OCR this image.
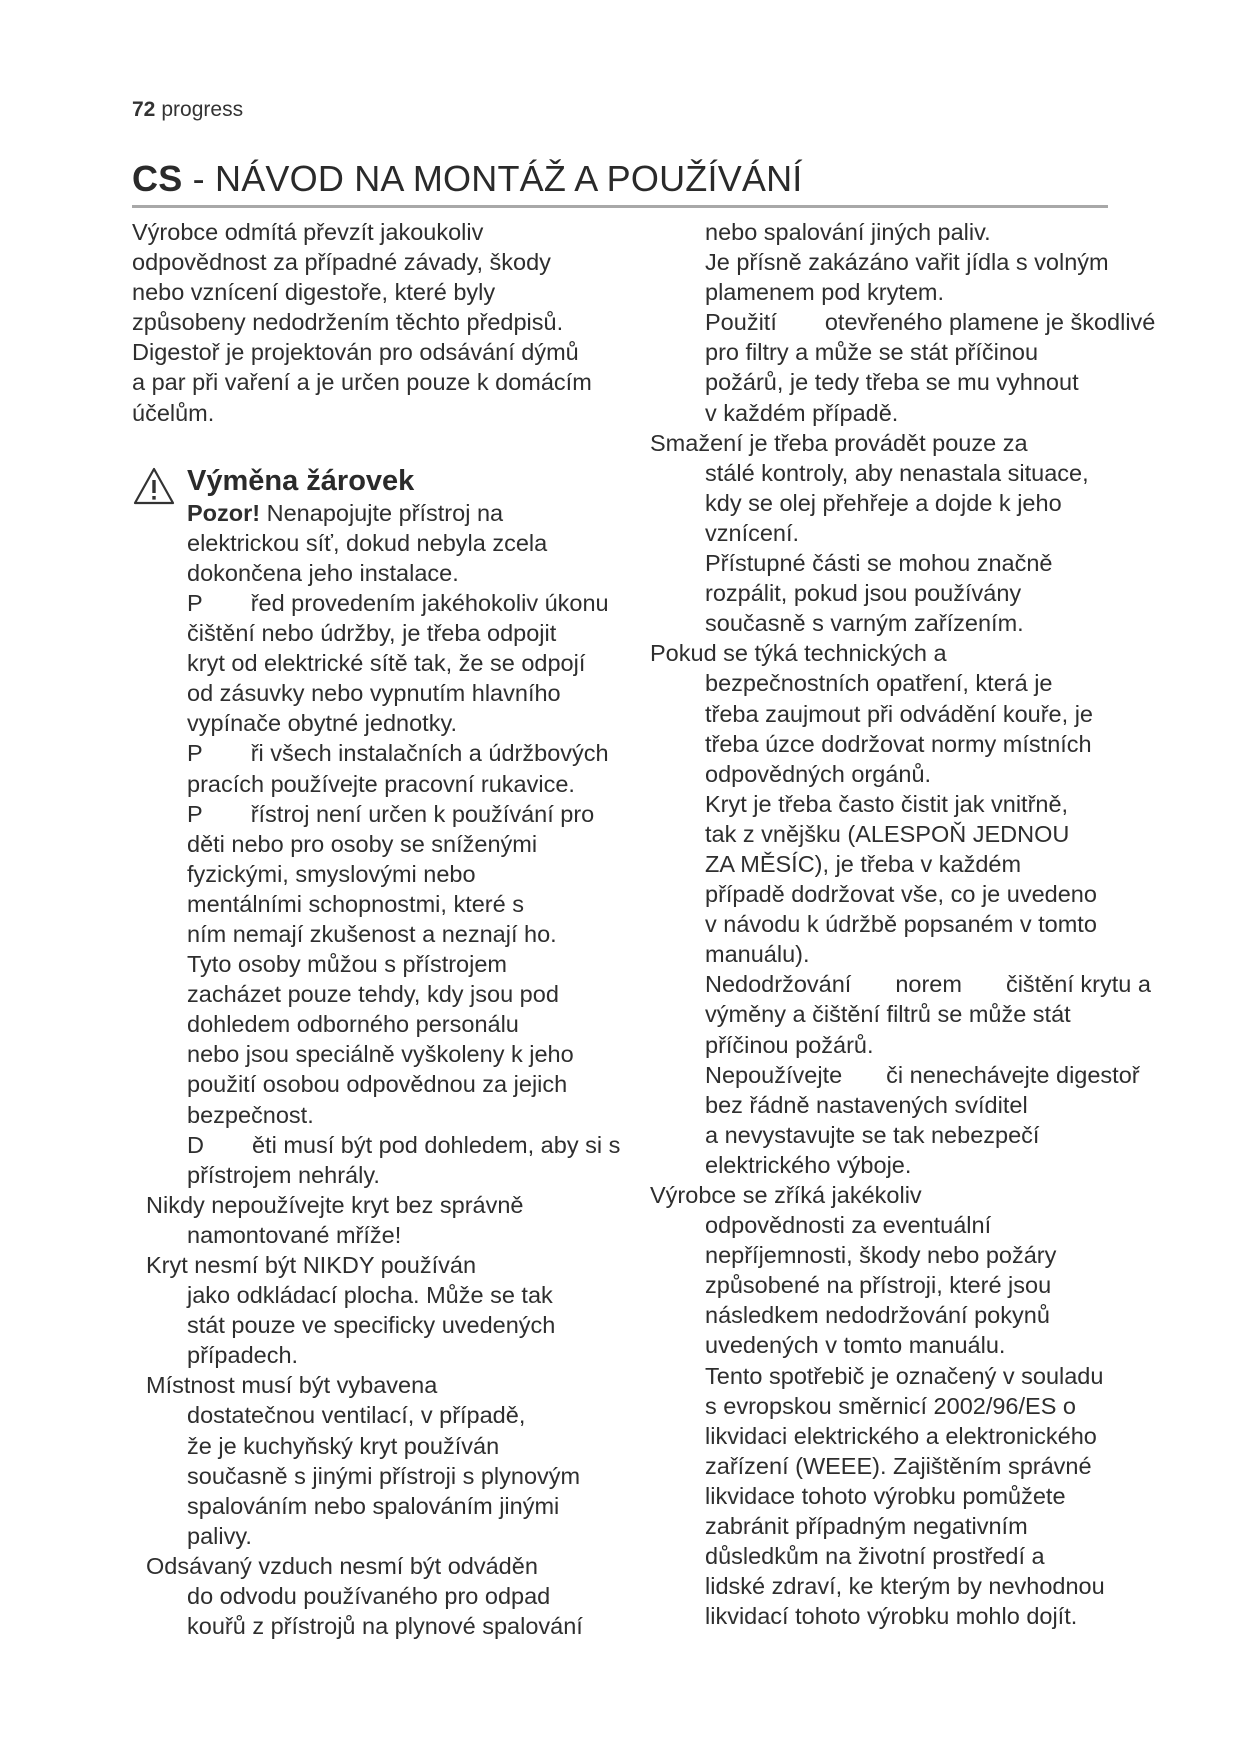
72 progress
CS - NÁVOD NA MONTÁŽ A POUŽÍVÁNÍ
Výrobce odmítá převzít jakoukoliv
odpovědnost za případné závady, škody
nebo vznícení digestoře, které byly
způsobeny nedodržením těchto předpisů.
Digestoř je projektován pro odsávání dýmů
a par při vaření a je určen pouze k domácím
účelům.
Výměna žárovek
Pozor! Nenapojujte přístroj na
elektrickou síť, dokud nebyla zcela
dokončena jeho instalace.
P řed provedením jakéhokoliv úkonu
čištění nebo údržby, je třeba odpojit
kryt od elektrické sítě tak, že se odpojí
od zásuvky nebo vypnutím hlavního
vypínače obytné jednotky.
P ři všech instalačních a údržbových
pracích používejte pracovní rukavice.
P řístroj není určen k používání pro
děti nebo pro osoby se sníženými
fyzickými, smyslovými nebo
mentálními schopnostmi, které s
ním nemají zkušenost a neznají ho.
Tyto osoby můžou s přístrojem
zacházet pouze tehdy, kdy jsou pod
dohledem odborného personálu
nebo jsou speciálně vyškoleny k jeho
použití osobou odpovědnou za jejich
bezpečnost.
D ěti musí být pod dohledem, aby si s
přístrojem nehrály.
Nikdy nepoužívejte kryt bez správně
namontované mříže!
Kryt nesmí být NIKDY používán
jako odkládací plocha. Může se tak
stát pouze ve specificky uvedených
případech.
Místnost musí být vybavena
dostatečnou ventilací, v případě,
že je kuchyňský kryt používán
současně s jinými přístroji s plynovým
spalováním nebo spalováním jinými
palivy.
Odsávaný vzduch nesmí být odváděn
do odvodu používaného pro odpad
kouřů z přístrojů na plynové spalování
nebo spalování jiných paliv.
Je přísně zakázáno vařit jídla s volným
plamenem pod krytem.
Použití otevřeného plamene je škodlivé
pro filtry a může se stát příčinou
požárů, je tedy třeba se mu vyhnout
v každém případě.
Smažení je třeba provádět pouze za
stálé kontroly, aby nenastala situace,
kdy se olej přehřeje a dojde k jeho
vznícení.
Přístupné části se mohou značně
rozpálit, pokud jsou používány
současně s varným zařízením.
Pokud se týká technických a
bezpečnostních opatření, která je
třeba zaujmout při odvádění kouře, je
třeba úzce dodržovat normy místních
odpovědných orgánů.
Kryt je třeba často čistit jak vnitřně,
tak z vnějšku (ALESPOŇ JEDNOU
ZA MĚSÍC), je třeba v každém
případě dodržovat vše, co je uvedeno
v návodu k údržbě popsaném v tomto
manuálu).
Nedodržování norem čištění krytu a
výměny a čištění filtrů se může stát
příčinou požárů.
Nepoužívejte či nenechávejte digestoř
bez řádně nastavených svíditel
a nevystavujte se tak nebezpečí
elektrického výboje.
Výrobce se zříká jakékoliv
odpovědnosti za eventuální
nepříjemnosti, škody nebo požáry
způsobené na přístroji, které jsou
následkem nedodržování pokynů
uvedených v tomto manuálu.
Tento spotřebič je označený v souladu
s evropskou směrnicí 2002/96/ES o
likvidaci elektrického a elektronického
zařízení (WEEE). Zajištěním správné
likvidace tohoto výrobku pomůžete
zabránit případným negativním
důsledkům na životní prostředí a
lidské zdraví, ke kterým by nevhodnou
likvidací tohoto výrobku mohlo dojít.
